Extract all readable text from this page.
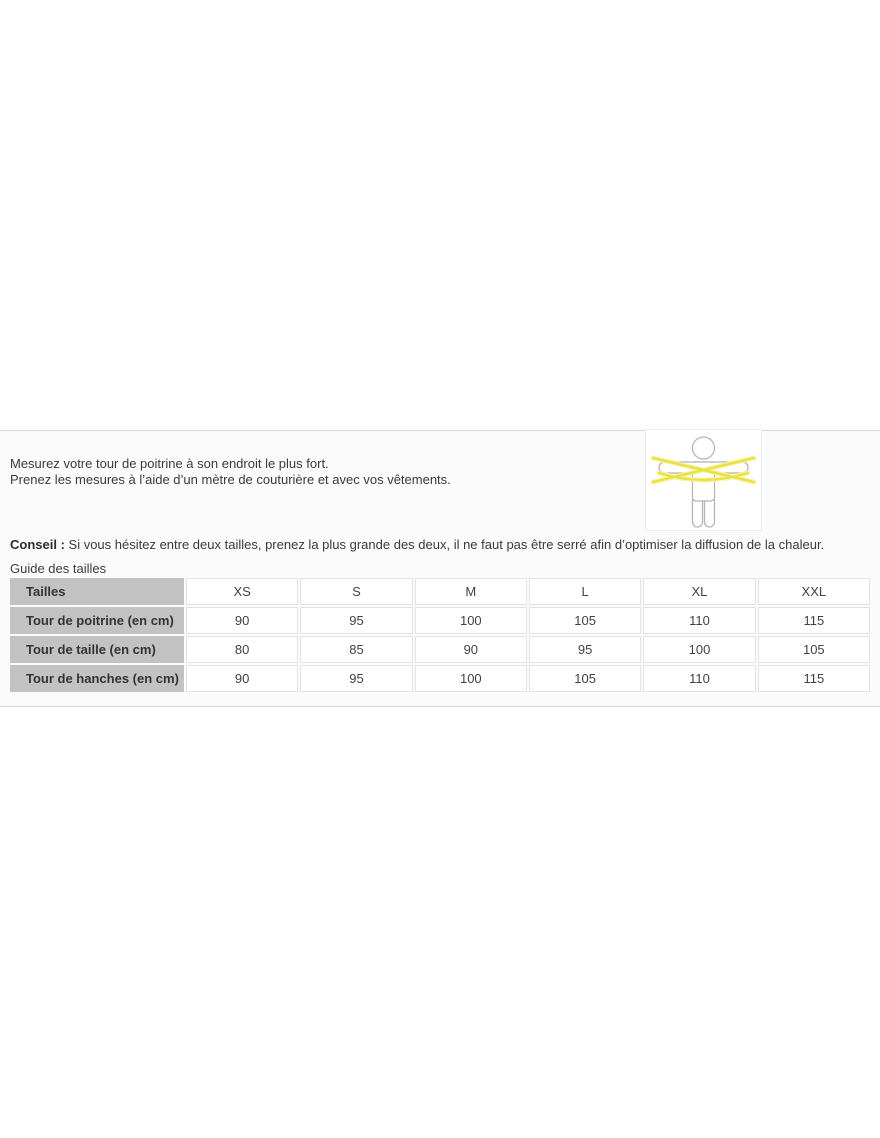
Mesurez votre tour de poitrine à son endroit le plus fort.
Prenez les mesures à l’aide d’un mètre de couturière et avec vos vêtements.

Conseil : Si vous hésitez entre deux tailles, prenez la plus grande des deux, il ne faut pas être serré afin d’optimiser la diffusion de la chaleur.

Guide des tailles
Tailles	XS	S	M	L	XL	XXL
Tour de poitrine (en cm)	90	95	100	105	110	115
Tour de taille (en cm)	80	85	90	95	100	105
Tour de hanches (en cm)	90	95	100	105	110	115
